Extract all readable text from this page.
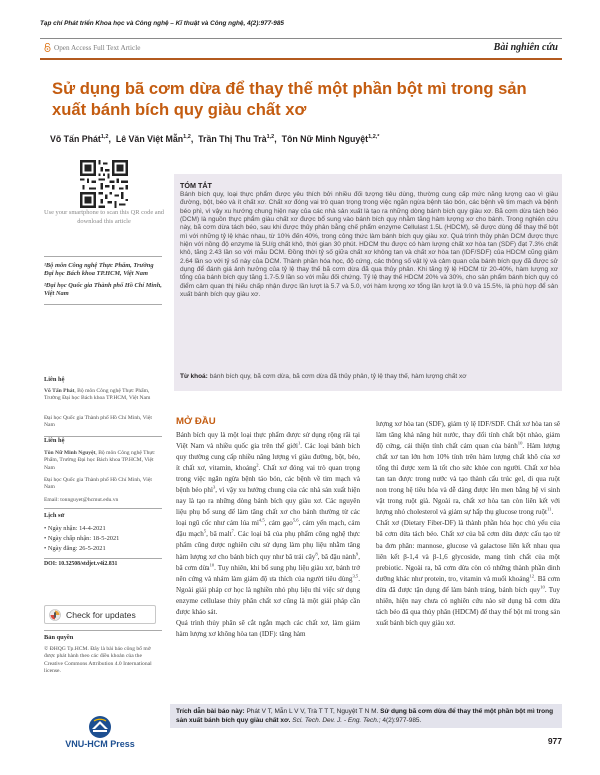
Tạp chí Phát triển Khoa học và Công nghệ – Kĩ thuật và Công nghệ, 4(2):977-985
Open Access Full Text Article	Bài nghiên cứu
Sử dụng bã cơm dừa để thay thế một phần bột mì trong sản xuất bánh bích quy giàu chất xơ
Võ Tấn Phát$^{1,2}$,  Lê Văn Việt Mẫn$^{1,2}$,  Trần Thị Thu Trà$^{1,2}$,  Tôn Nữ Minh Nguyệt$^{1,2,*}$
Use your smartphone to scan this QR code and download this article
TÓM TẮT
Bánh bích quy, loại thực phẩm được yêu thích bởi nhiều đối tượng tiêu dùng, thường cung cấp mức năng lượng cao vì giàu đường, bột, béo và ít chất xơ. Chất xơ đóng vai trò quan trọng trong việc ngăn ngừa bệnh táo bón, các bệnh về tim mạch và bệnh béo phì, vì vậy xu hướng chung hiện nay của các nhà sản xuất là tạo ra những dòng bánh bích quy giàu xơ. Bã cơm dừa tách béo (DCM) là nguồn thực phẩm giàu chất xơ được bổ sung vào bánh bích quy nhằm tăng hàm lượng xơ cho bánh. Trong nghiên cứu này, bã cơm dừa tách béo, sau khi được thủy phân bằng chế phẩm enzyme Cellulast 1.5L (HDCM), sẽ được dùng để thay thế bột mì với những tỷ lệ khác nhau, từ 10% đến 40%, trong công thức làm bánh bích quy giàu xơ. Quá trình thủy phân DCM được thực hiện với nồng độ enzyme là 5U/g chất khô, thời gian 30 phút. HDCM thu được có hàm lượng chất xơ hòa tan (SDF) đạt 7.3% chất khô, tăng 2.43 lần so với mẫu DCM. Đồng thời tỷ số giữa chất xơ không tan và chất xơ hòa tan (IDF/SDF) của HDCM cũng giảm 2.64 lần so với tỷ số này của DCM. Thành phần hóa học, độ cứng, các thông số vật lý và cảm quan của bánh bích quy đã được sử dụng để đánh giá ảnh hưởng của tỷ lệ thay thế bã cơm dừa đã qua thủy phân. Khi tăng tỷ lệ HDCM từ 20-40%, hàm lượng xơ tổng của bánh bích quy tăng 1.7-5.9 lần so với mẫu đối chứng. Tỷ lệ thay thế HDCM 20% và 30%, cho sản phẩm bánh bích quy có điểm cảm quan thị hiếu chấp nhận được lần lượt là 5.7 và 5.0, với hàm lượng xơ tổng lần lượt là 9.0 và 15.5%, là phù hợp để sản xuất bánh bích quy giàu xơ.
Từ khoá: bánh bích quy, bã cơm dừa, bã cơm dừa đã thủy phân, tỷ lệ thay thế, hàm lượng chất xơ
¹Bộ môn Công nghệ Thực Phẩm, Trường Đại học Bách khoa TP.HCM, Việt Nam
²Đại học Quốc gia Thành phố Hồ Chí Minh, Việt Nam
Liên hệ
Võ Tấn Phát, Bộ môn Công nghệ Thực Phẩm, Trường Đại học Bách khoa TP.HCM, Việt Nam
Đại học Quốc gia Thành phố Hồ Chí Minh, Việt Nam
Liên hệ
Tôn Nữ Minh Nguyệt, Bộ môn Công nghệ Thực Phẩm, Trường Đại học Bách khoa TP.HCM, Việt Nam
Đại học Quốc gia Thành phố Hồ Chí Minh, Việt Nam
Email: tonnguyet@hcmut.edu.vn
Lịch sử
• Ngày nhận: 14-4-2021
• Ngày chấp nhận: 18-5-2021
• Ngày đăng: 26-5-2021
DOI: 10.32508/stdjet.v4i2.831
Check for updates
Bản quyền
© ĐHQG Tp.HCM. Đây là bài báo công bố mở được phát hành theo các điều khoản của the Creative Commons Attribution 4.0 International license.
VNU-HCM Press
MỞ ĐẦU
Bánh bích quy là một loại thực phẩm được sử dụng rộng rãi tại Việt Nam và nhiều quốc gia trên thế giới$^1$. Các loại bánh bích quy thường cung cấp nhiều năng lượng vì giàu đường, bột, béo, ít chất xơ, vitamin, khoáng$^2$. Chất xơ đóng vai trò quan trọng trong việc ngăn ngừa bệnh táo bón, các bệnh về tim mạch và bệnh béo phì$^3$, vì vậy xu hướng chung của các nhà sản xuất hiện nay là tạo ra những dòng bánh bích quy giàu xơ. Các nguyên liệu phụ bổ sung để làm tăng chất xơ cho bánh thường từ các loại ngũ cốc như cám lúa mì$^{4,5}$, cám gạo$^{5,6}$, cám yến mạch, cám đậu mạch$^5$, bã malt$^7$. Các loại bã của phụ phẩm công nghệ thực phẩm cũng được nghiên cứu sử dụng làm phụ liệu nhằm tăng hàm lượng xơ cho bánh bích quy như bã trái cây$^8$, bã đậu nành$^9$, bã cơm dừa$^{10}$. Tuy nhiên, khi bổ sung phụ liệu giàu xơ, bánh trở nên cứng và nhám làm giảm độ ưa thích của người tiêu dùng$^{3,5}$. Ngoài giải pháp cơ học là nghiền nhỏ phụ liệu thì việc sử dụng enzyme cellulase thủy phân chất xơ cũng là một giải pháp cần được khảo sát.
Quá trình thủy phân sẽ cắt ngắn mạch các chất xơ, làm giảm hàm lượng xơ không hòa tan (IDF): tăng hàm
lượng xơ hòa tan (SDF), giảm tỷ lệ IDF/SDF. Chất xơ hòa tan sẽ làm tăng khả năng hút nước, thay đổi tính chất bột nhào, giảm độ cứng, cải thiện tính chất cảm quan của bánh$^{10}$. Hàm lượng chất xơ tan lớn hơn 10% tính trên hàm lượng chất khô của xơ tổng thì được xem là tốt cho sức khỏe con người. Chất xơ hòa tan tan được trong nước và tạo thành cấu trúc gel, di qua ruột non trong hệ tiêu hóa và dễ dàng được lên men bằng hệ vi sinh vật trong ruột già. Ngoài ra, chất xơ hòa tan còn liên kết với lượng nhỏ cholesterol và giảm sự hấp thụ glucose trong ruột$^{11}$.
Chất xơ (Dietary Fiber-DF) là thành phần hóa học chủ yếu của bã cơm dừa tách béo. Chất xơ của bã cơm dừa được cấu tạo từ ba đơn phân: mannose, glucose và galactose liên kết nhau qua liên kết β-1,4 và β-1,6 glycoside, mang tính chất của một prebiotic. Ngoài ra, bã cơm dừa còn có những thành phần dinh dưỡng khác như protein, tro, vitamin và muối khoáng$^{12}$. Bã cơm dừa đã được tận dụng để làm bánh tráng, bánh bích quy$^{10}$. Tuy nhiên, hiện nay chưa có nghiên cứu nào sử dụng bã cơm dừa tách béo đã qua thủy phân (HDCM) để thay thế bột mì trong sản xuất bánh bích quy giàu xơ.
Trích dẫn bài báo này: Phát V T, Mẫn L V V, Trà T T T, Nguyệt T N M. Sử dụng bã cơm dừa để thay thế một phần bột mì trong sản xuất bánh bích quy giàu chất xơ. Sci. Tech. Dev. J. - Eng. Tech.; 4(2):977-985.
977
